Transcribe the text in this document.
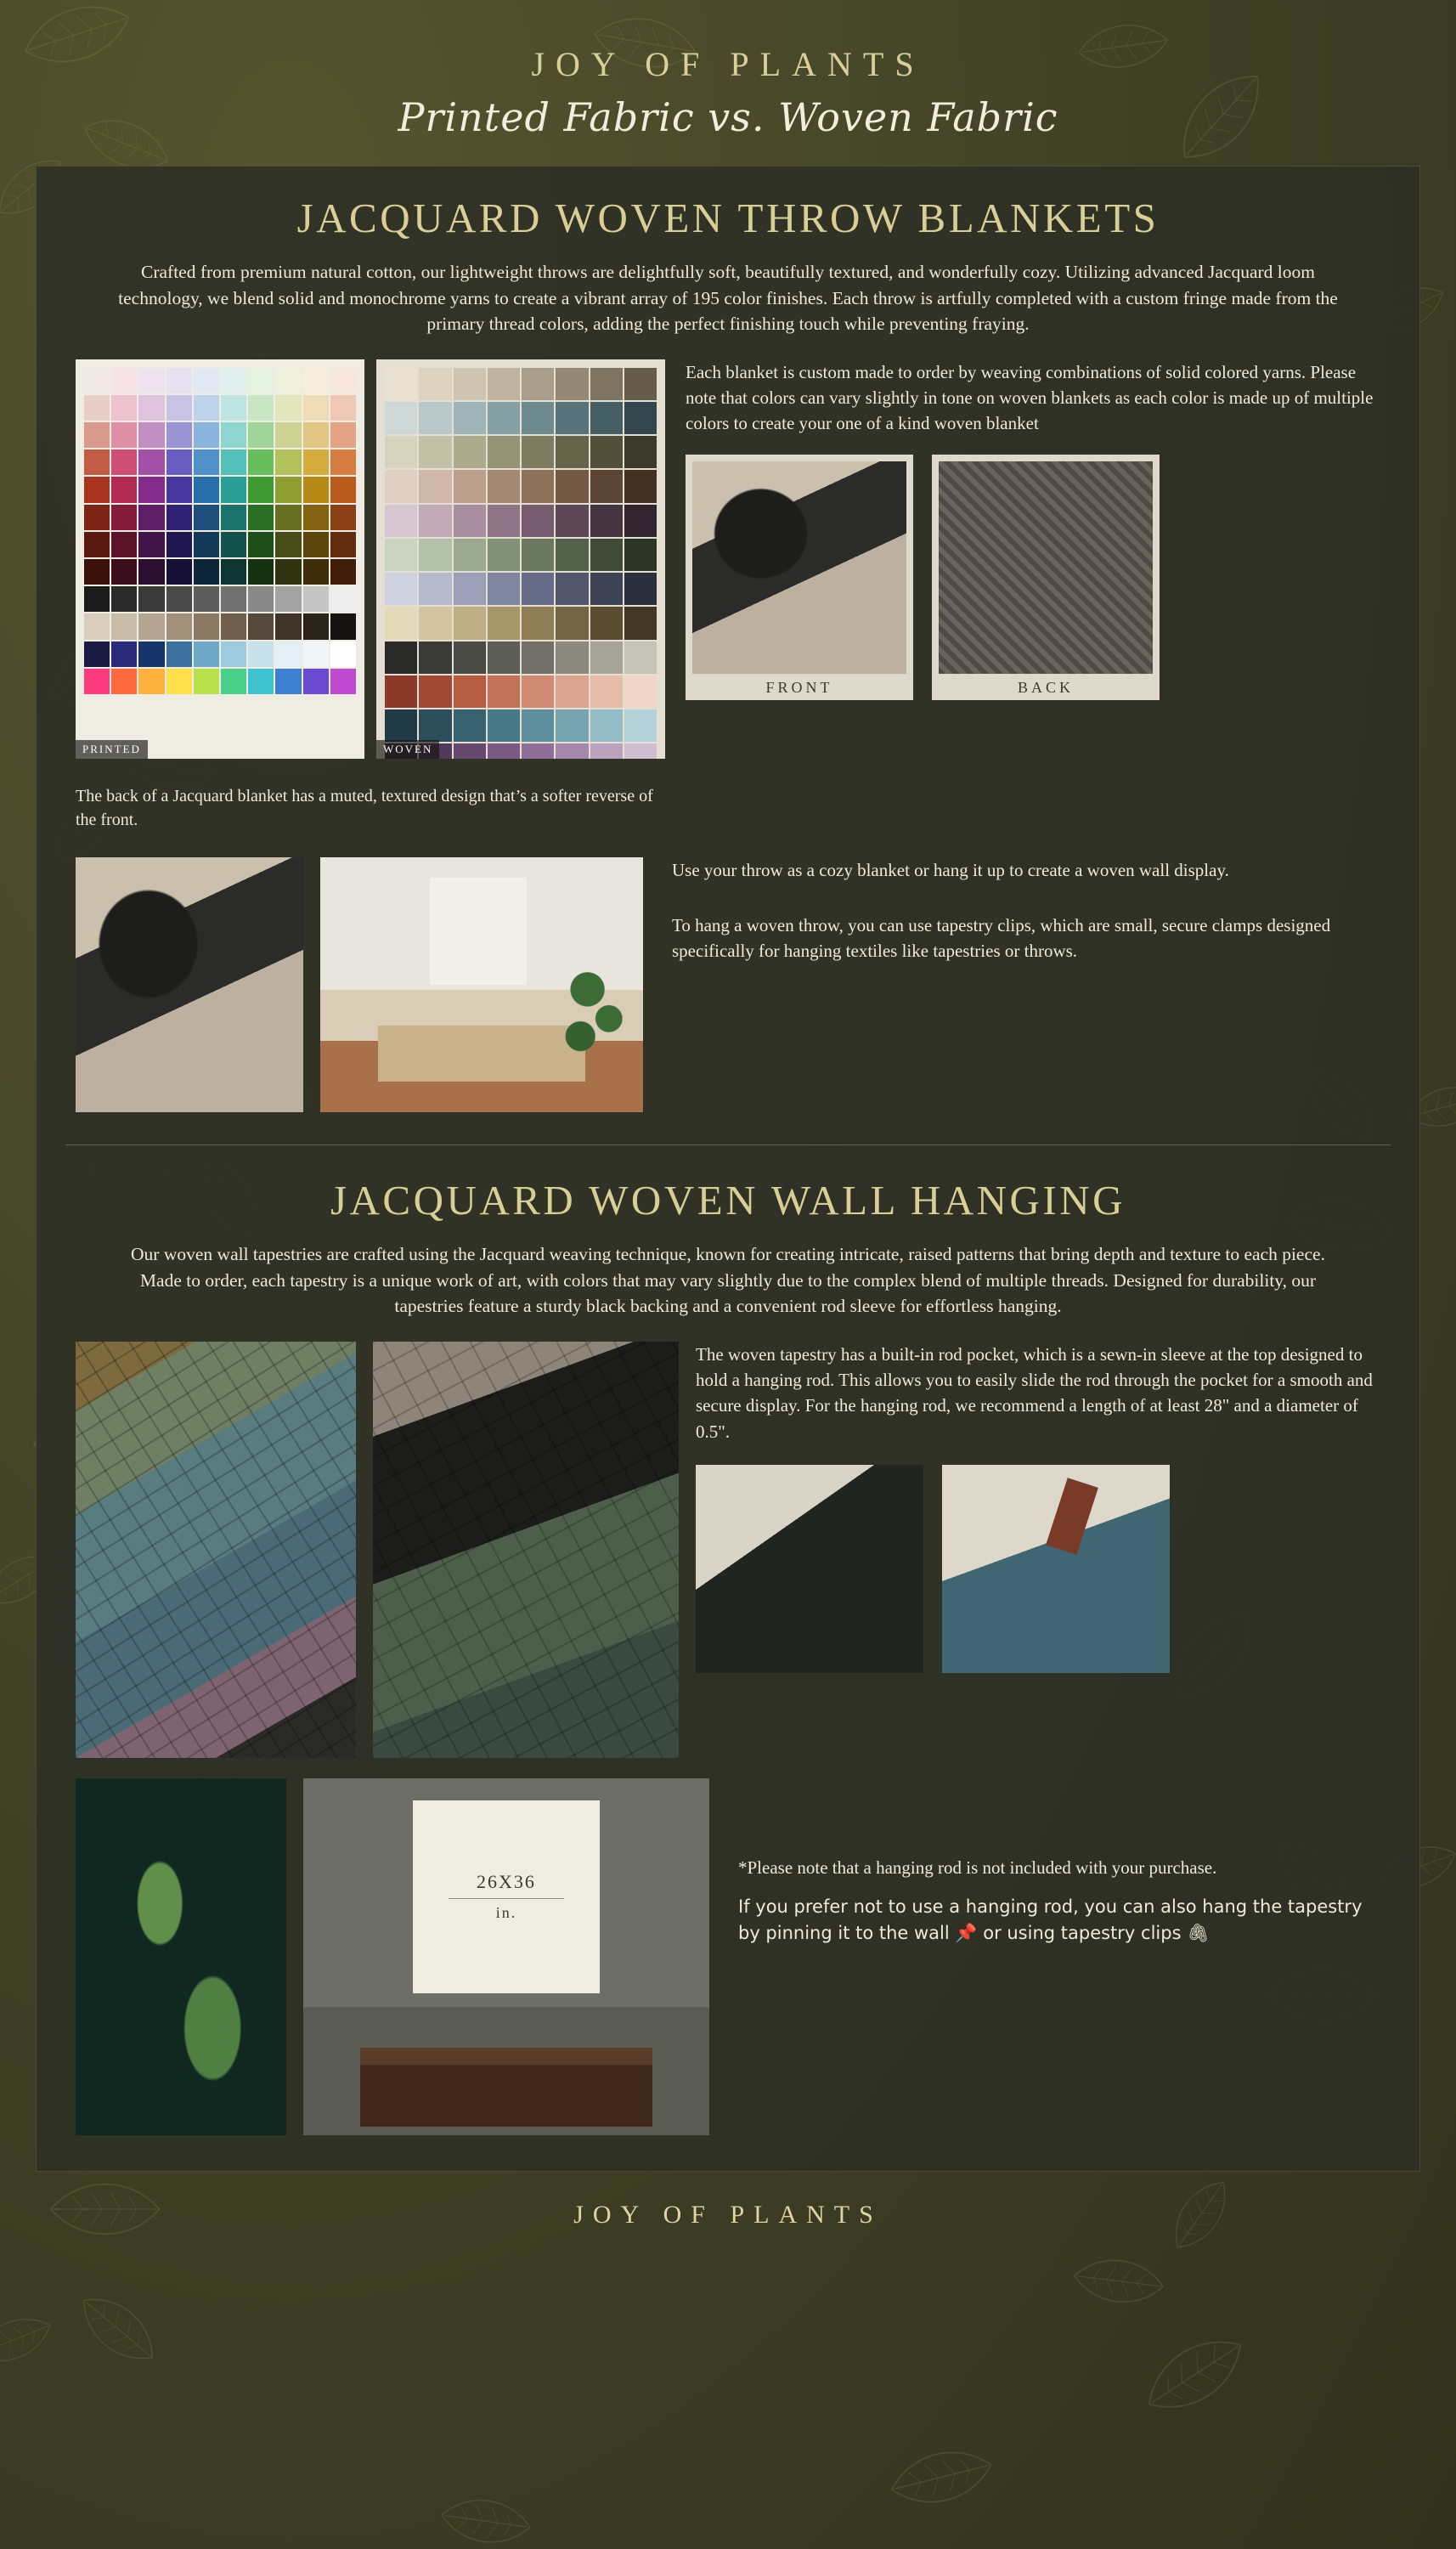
JOY OF PLANTS

Printed Fabric vs. Woven Fabric

JACQUARD WOVEN THROW BLANKETS

Crafted from premium natural cotton, our lightweight throws are delightfully soft, beautifully textured, and wonderfully cozy. Utilizing advanced Jacquard loom technology, we blend solid and monochrome yarns to create a vibrant array of 195 color finishes. Each throw is artfully completed with a custom fringe made from the primary thread colors, adding the perfect finishing touch while preventing fraying.

PRINTED	WOVEN

The back of a Jacquard blanket has a muted, textured design that’s a softer reverse of the front.

Each blanket is custom made to order by weaving combinations of solid colored yarns. Please note that colors can vary slightly in tone on woven blankets as each color is made up of multiple colors to create your one of a kind woven blanket

FRONT	BACK

Use your throw as a cozy blanket or hang it up to create a woven wall display.

To hang a woven throw, you can use tapestry clips, which are small, secure clamps designed specifically for hanging textiles like tapestries or throws.

JACQUARD WOVEN WALL HANGING

Our woven wall tapestries are crafted using the Jacquard weaving technique, known for creating intricate, raised patterns that bring depth and texture to each piece. Made to order, each tapestry is a unique work of art, with colors that may vary slightly due to the complex blend of multiple threads. Designed for durability, our tapestries feature a sturdy black backing and a convenient rod sleeve for effortless hanging.

The woven tapestry has a built-in rod pocket, which is a sewn-in sleeve at the top designed to hold a hanging rod. This allows you to easily slide the rod through the pocket for a smooth and secure display. For the hanging rod, we recommend a length of at least 28" and a diameter of 0.5".

26X36
in.

*Please note that a hanging rod is not included with your purchase.

If you prefer not to use a hanging rod, you can also hang the tapestry by pinning it to the wall 📌 or using tapestry clips 🖇

JOY OF PLANTS
